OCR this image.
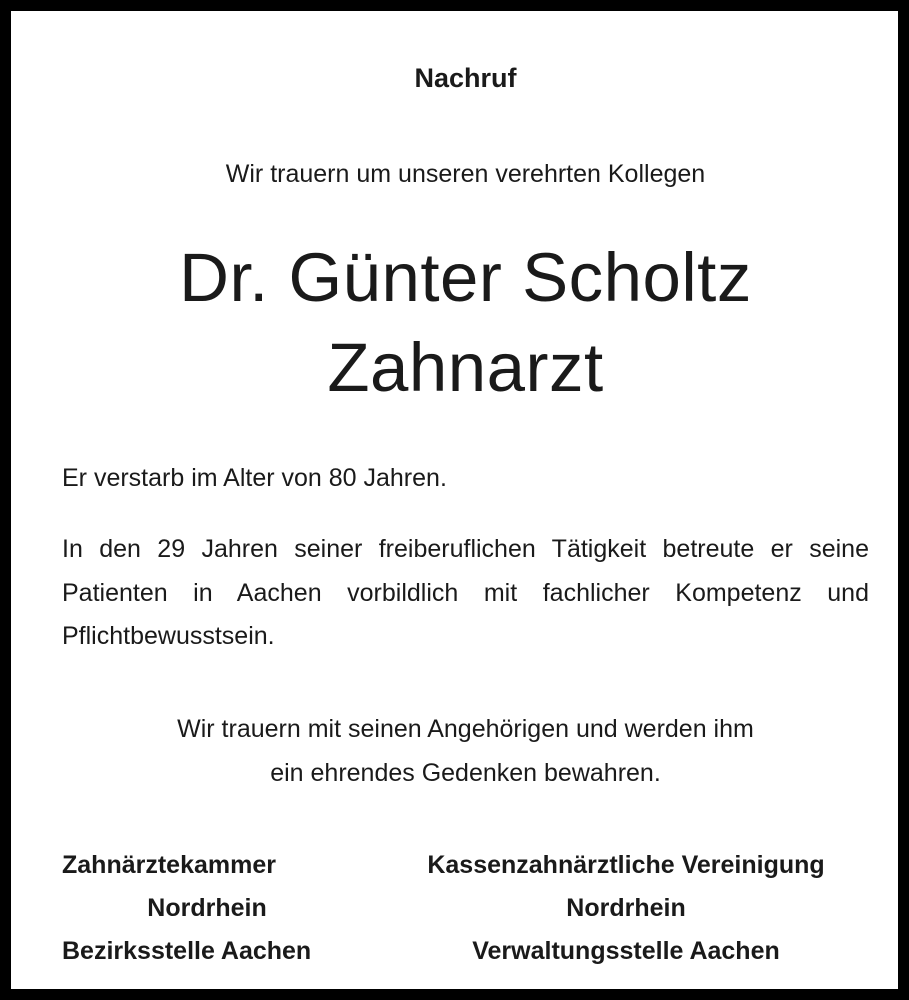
Nachruf
Wir trauern um unseren verehrten Kollegen
Dr. Günter Scholtz
Zahnarzt
Er verstarb im Alter von 80 Jahren.
In den 29 Jahren seiner freiberuflichen Tätigkeit betreute er seine Patienten in Aachen vorbildlich mit fachlicher Kompetenz und Pflichtbewusstsein.
Wir trauern mit seinen Angehörigen und werden ihm
ein ehrendes Gedenken bewahren.
Zahnärztekammer
Nordrhein
Bezirksstelle Aachen
Kassenzahnärztliche Vereinigung
Nordrhein
Verwaltungsstelle Aachen
